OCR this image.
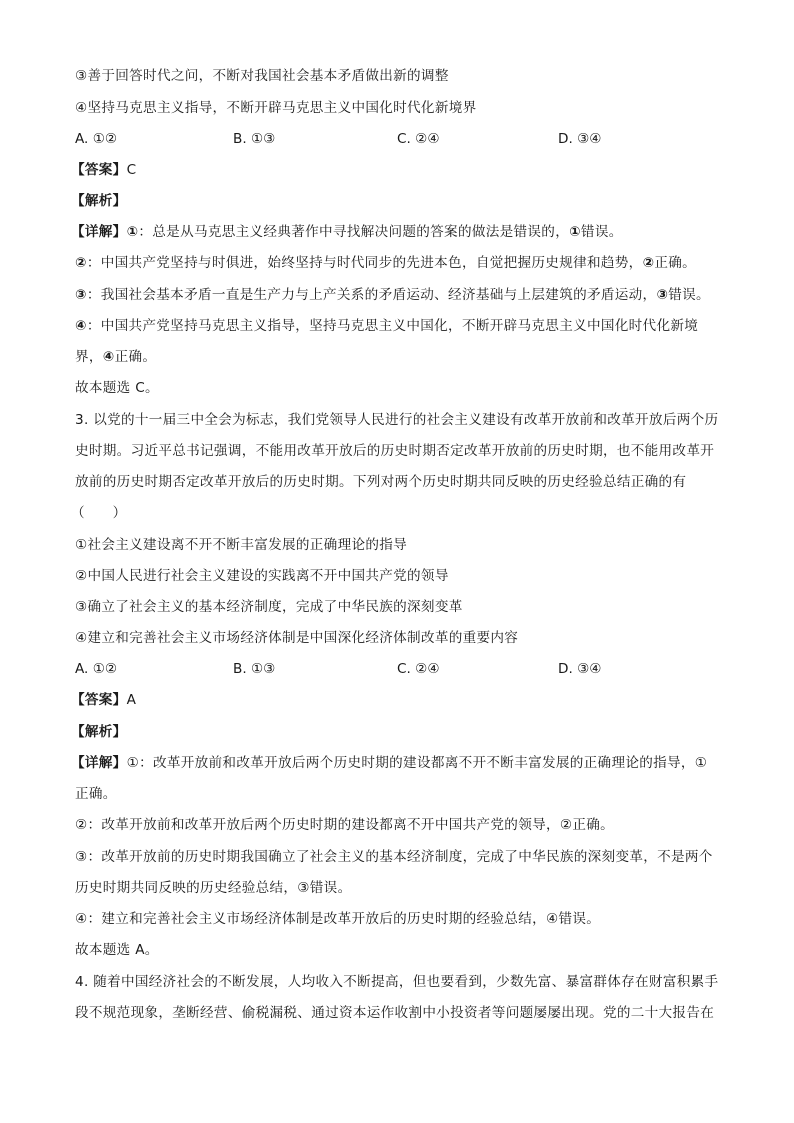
③善于回答时代之问，不断对我国社会基本矛盾做出新的调整
④坚持马克思主义指导，不断开辟马克思主义中国化时代化新境界
A. ①②	B. ①③	C. ②④	D. ③④
【答案】C
【解析】
【详解】①：总是从马克思主义经典著作中寻找解决问题的答案的做法是错误的，①错误。
②：中国共产党坚持与时俱进，始终坚持与时代同步的先进本色，自觉把握历史规律和趋势，②正确。
③：我国社会基本矛盾一直是生产力与上产关系的矛盾运动、经济基础与上层建筑的矛盾运动，③错误。
④：中国共产党坚持马克思主义指导，坚持马克思主义中国化，不断开辟马克思主义中国化时代化新境
界，④正确。
故本题选 C。
3. 以党的十一届三中全会为标志，我们党领导人民进行的社会主义建设有改革开放前和改革开放后两个历
史时期。习近平总书记强调，不能用改革开放后的历史时期否定改革开放前的历史时期，也不能用改革开
放前的历史时期否定改革开放后的历史时期。下列对两个历史时期共同反映的历史经验总结正确的有
（　　）
①社会主义建设离不开不断丰富发展的正确理论的指导
②中国人民进行社会主义建设的实践离不开中国共产党的领导
③确立了社会主义的基本经济制度，完成了中华民族的深刻变革
④建立和完善社会主义市场经济体制是中国深化经济体制改革的重要内容
A. ①②	B. ①③	C. ②④	D. ③④
【答案】A
【解析】
【详解】①：改革开放前和改革开放后两个历史时期的建设都离不开不断丰富发展的正确理论的指导，①
正确。
②：改革开放前和改革开放后两个历史时期的建设都离不开中国共产党的领导，②正确。
③：改革开放前的历史时期我国确立了社会主义的基本经济制度，完成了中华民族的深刻变革，不是两个
历史时期共同反映的历史经验总结，③错误。
④：建立和完善社会主义市场经济体制是改革开放后的历史时期的经验总结，④错误。
故本题选 A。
4. 随着中国经济社会的不断发展，人均收入不断提高，但也要看到，少数先富、暴富群体存在财富积累手
段不规范现象，垄断经营、偷税漏税、通过资本运作收割中小投资者等问题屡屡出现。党的二十大报告在
